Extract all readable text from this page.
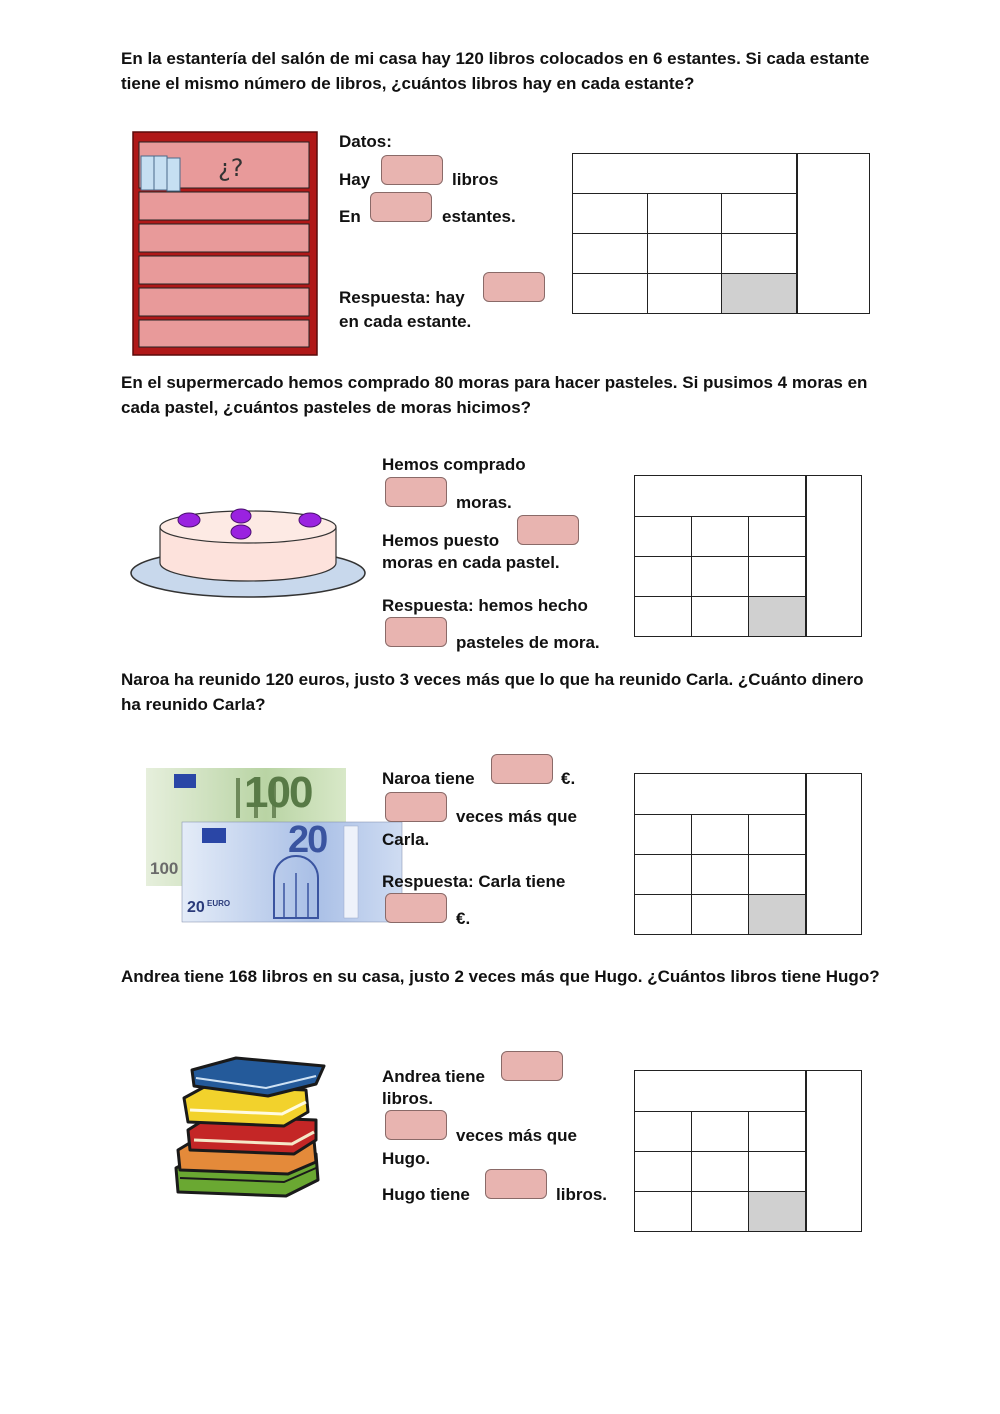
En la estantería del salón de mi casa hay 120 libros colocados en 6 estantes. Si cada estante tiene el mismo número de libros, ¿cuántos libros hay en cada estante?
¿?
Datos:
Hay	libros
En	estantes.
Respuesta: hay
en cada estante.
En el supermercado hemos comprado 80 moras para hacer pasteles. Si pusimos 4 moras en cada pastel, ¿cuántos pasteles de moras hicimos?
Hemos comprado
moras.
Hemos puesto
moras en cada pastel.
Respuesta: hemos hecho
pasteles de mora.
Naroa ha reunido 120 euros, justo 3 veces más que lo que ha reunido Carla. ¿Cuánto dinero ha reunido Carla?
100
100
20
20 EURO
Naroa tiene	€.
veces más que
Carla.
Respuesta: Carla tiene
€.
Andrea tiene 168 libros en su casa, justo 2 veces más que Hugo. ¿Cuántos libros tiene Hugo?
Andrea tiene
libros.
veces más que
Hugo.
Hugo tiene	libros.
